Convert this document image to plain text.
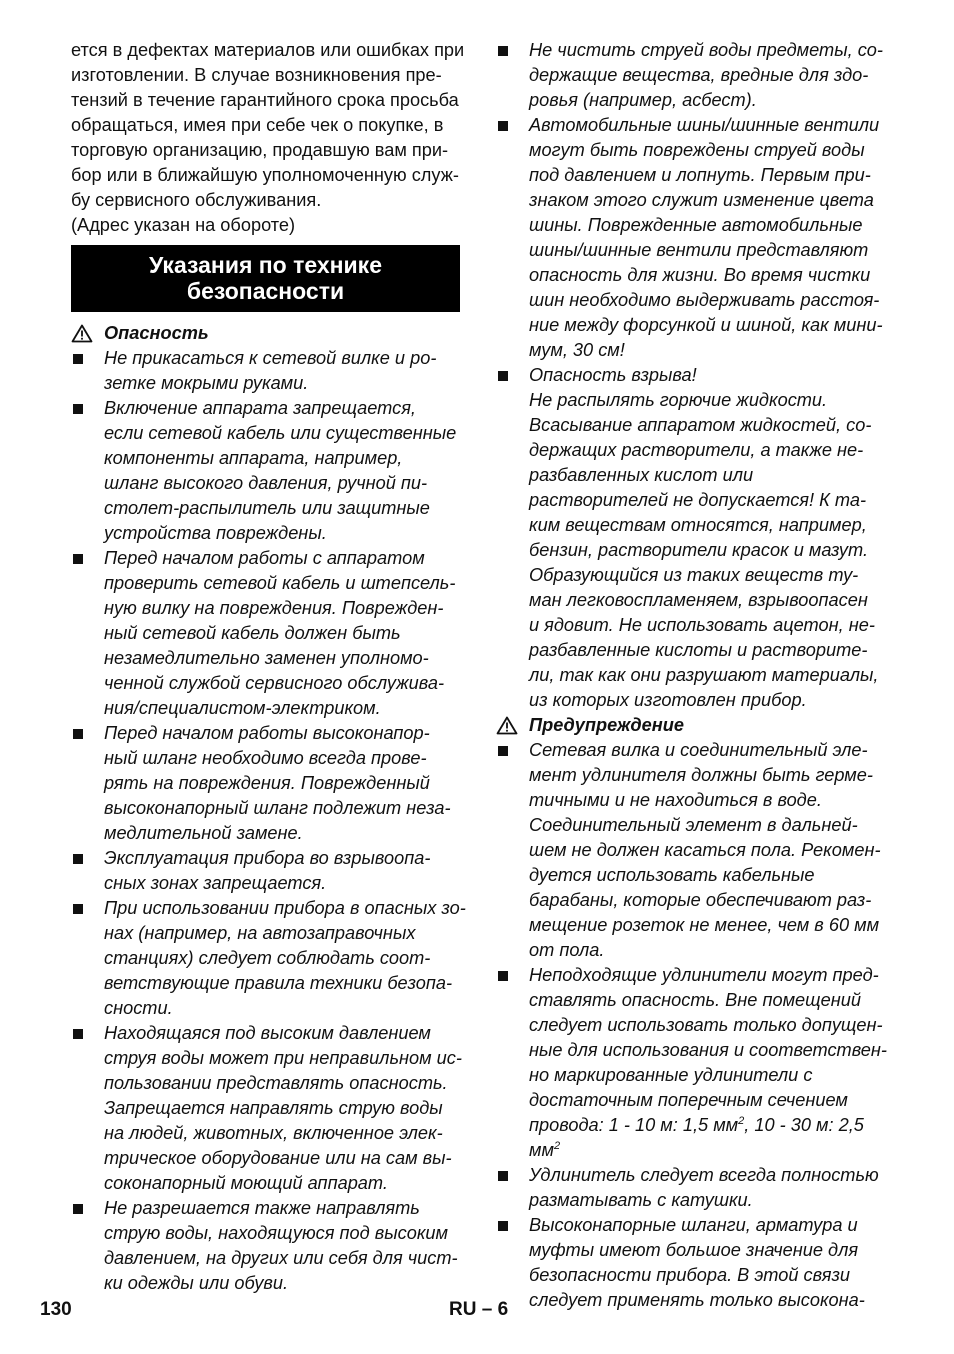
ется в дефектах материалов или ошибках при
изготовлении. В случае возникновения пре-
тензий в течение гарантийного срока просьба
обращаться, имея при себе чек о покупке, в
торговую организацию, продавшую вам при-
бор или в ближайшую уполномоченную служ-
бу сервисного обслуживания.

(Адрес указан на обороте)

Указания по технике
безопасности
Опасность
Не прикасаться к сетевой вилке и ро-
зетке мокрыми руками.
Включение аппарата запрещается,
если сетевой кабель или существенные
компоненты аппарата, например,
шланг высокого давления, ручной пи-
столет-распылитель или защитные
устройства повреждены.
Перед началом работы с аппаратом
проверить сетевой кабель и штепсель-
ную вилку на повреждения. Поврежден-
ный сетевой кабель должен быть
незамедлительно заменен уполномо-
ченной службой сервисного обслужива-
ния/специалистом-электриком.
Перед началом работы высоконапор-
ный шланг необходимо всегда прове-
рять на повреждения. Поврежденный
высоконапорный шланг подлежит неза-
медлительной замене.
Эксплуатация прибора во взрывоопа-
сных зонах запрещается.
При использовании прибора в опасных зо-
нах (например, на автозаправочных
станциях) следует соблюдать соот-
ветствующие правила техники безопа-
сности.
Находящаяся под высоким давлением
струя воды может при неправильном ис-
пользовании представлять опасность.
Запрещается направлять струю воды
на людей, животных, включенное элек-
трическое оборудование или на сам вы-
соконапорный моющий аппарат.
Не разрешается также направлять
струю воды, находящуюся под высоким
давлением, на других или себя для чист-
ки одежды или обуви.
Не чистить струей воды предметы, со-
держащие вещества, вредные для здо-
ровья (например, асбест).
Автомобильные шины/шинные вентили
могут быть повреждены струей воды
под давлением и лопнуть. Первым при-
знаком этого служит изменение цвета
шины. Поврежденные автомобильные
шины/шинные вентили представляют
опасность для жизни. Во время чистки
шин необходимо выдерживать расстоя-
ние между форсункой и шиной, как мини-
мум, 30 см!
Опасность взрыва!
Не распылять горючие жидкости.
Всасывание аппаратом жидкостей, со-
держащих растворители, а также не-
разбавленных кислот или
растворителей не допускается! К та-
ким веществам относятся, например,
бензин, растворители красок и мазут.
Образующийся из таких веществ ту-
ман легковоспламеняем, взрывоопасен
и ядовит. Не использовать ацетон, не-
разбавленные кислоты и растворите-
ли, так как они разрушают материалы,
из которых изготовлен прибор.
Предупреждение
Сетевая вилка и соединительный эле-
мент удлинителя должны быть герме-
тичными и не находиться в воде.
Соединительный элемент в дальней-
шем не должен касаться пола. Рекомен-
дуется использовать кабельные
барабаны, которые обеспечивают раз-
мещение розеток не менее, чем в 60 мм
от пола.
Неподходящие удлинители могут пред-
ставлять опасность. Вне помещений
следует использовать только допущен-
ные для использования и соответствен-
но маркированные удлинители с
достаточным поперечным сечением
провода: 1 - 10 м: 1,5 $мм^2$, 10 - 30 м: 2,5 $мм^2$
Удлинитель следует всегда полностью
разматывать с катушки.
Высоконапорные шланги, арматура и
муфты имеют большое значение для
безопасности прибора. В этой связи
следует применять только высокона-
130	RU – 6
